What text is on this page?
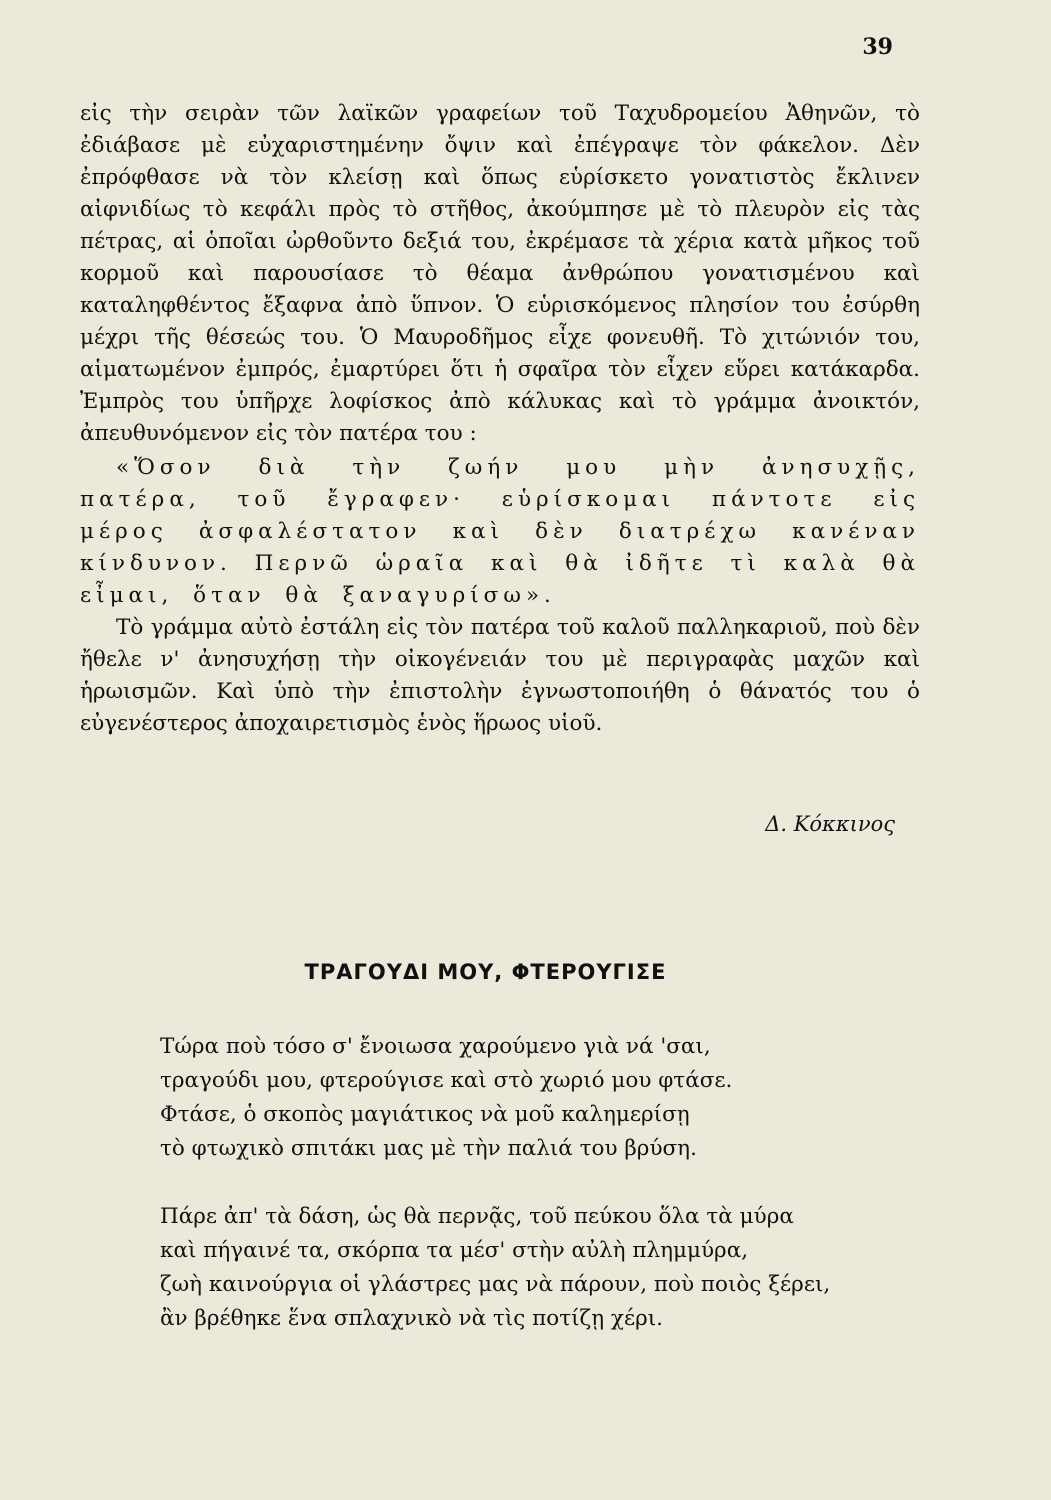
39

εἰς τὴν σειρὰν τῶν λαϊκῶν γραφείων τοῦ Ταχυδρομείου Ἀθηνῶν, τὸ ἐδιάβασε μὲ εὐχαριστημένην ὄψιν καὶ ἐπέγραψε τὸν φάκελον. Δὲν ἐπρόφθασε νὰ τὸν κλείσῃ καὶ ὅπως εὑρίσκετο γονατιστὸς ἔκλινεν αἰφνιδίως τὸ κεφάλι πρὸς τὸ στῆθος, ἀκούμπησε μὲ τὸ πλευρὸν εἰς τὰς πέτρας, αἱ ὁποῖαι ὠρθοῦντο δεξιά του, ἐκρέμασε τὰ χέρια κατὰ μῆκος τοῦ κορμοῦ καὶ παρουσίασε τὸ θέαμα ἀνθρώπου γονατισμένου καὶ καταληφθέντος ἔξαφνα ἀπὸ ὕπνον. Ὁ εὑρισκόμενος πλησίον του ἐσύρθη μέχρι τῆς θέσεώς του. Ὁ Μαυροδῆμος εἶχε φονευθῆ. Τὸ χιτώνιόν του, αἱματωμένον ἐμπρός, ἐμαρτύρει ὅτι ἡ σφαῖρα τὸν εἶχεν εὕρει κατάκαρδα. Ἐμπρὸς του ὑπῆρχε λοφίσκος ἀπὸ κάλυκας καὶ τὸ γράμμα ἀνοικτόν, ἀπευθυνόμενον εἰς τὸν πατέρα του :

«Ὅσον διὰ τὴν ζωήν μου μὴν ἀνησυχῇς, πατέρα, τοῦ ἔγραφεν· εὑρίσκομαι πάντοτε εἰς μέρος ἀσφαλέστατον καὶ δὲν διατρέχω κανέναν κίνδυνον. Περνῶ ὡραῖα καὶ θὰ ἰδῆτε τὶ καλὰ θὰ εἶμαι, ὅταν θὰ ξαναγυρίσω».

Τὸ γράμμα αὐτὸ ἐστάλη εἰς τὸν πατέρα τοῦ καλοῦ παλληκαριοῦ, ποὺ δὲν ἤθελε ν' ἀνησυχήσῃ τὴν οἰκογένειάν του μὲ περιγραφὰς μαχῶν καὶ ἡρωισμῶν. Καὶ ὑπὸ τὴν ἐπιστολὴν ἐγνωστοποιήθη ὁ θάνατός του ὁ εὐγενέστερος ἀποχαιρετισμὸς ἑνὸς ἥρωος υἱοῦ.

Δ. Κόκκινος
ΤΡΑΓΟΥΔΙ ΜΟΥ, ΦΤΕΡΟΥΓΙΣΕ
Τώρα ποὺ τόσο σ' ἔνοιωσα χαρούμενο γιὰ νά 'σαι,
τραγούδι μου, φτερούγισε καὶ στὸ χωριό μου φτάσε.
Φτάσε, ὁ σκοπὸς μαγιάτικος νὰ μοῦ καλημερίσῃ
τὸ φτωχικὸ σπιτάκι μας μὲ τὴν παλιά του βρύση.
Πάρε ἀπ' τὰ δάση, ὡς θὰ περνᾷς, τοῦ πεύκου ὅλα τὰ μύρα
καὶ πήγαινέ τα, σκόρπα τα μέσ' στὴν αὐλὴ πλημμύρα,
ζωὴ καινούργια οἱ γλάστρες μας νὰ πάρουν, ποὺ ποιὸς ξέρει,
ἂν βρέθηκε ἕνα σπλαχνικὸ νὰ τὶς ποτίζῃ χέρι.
